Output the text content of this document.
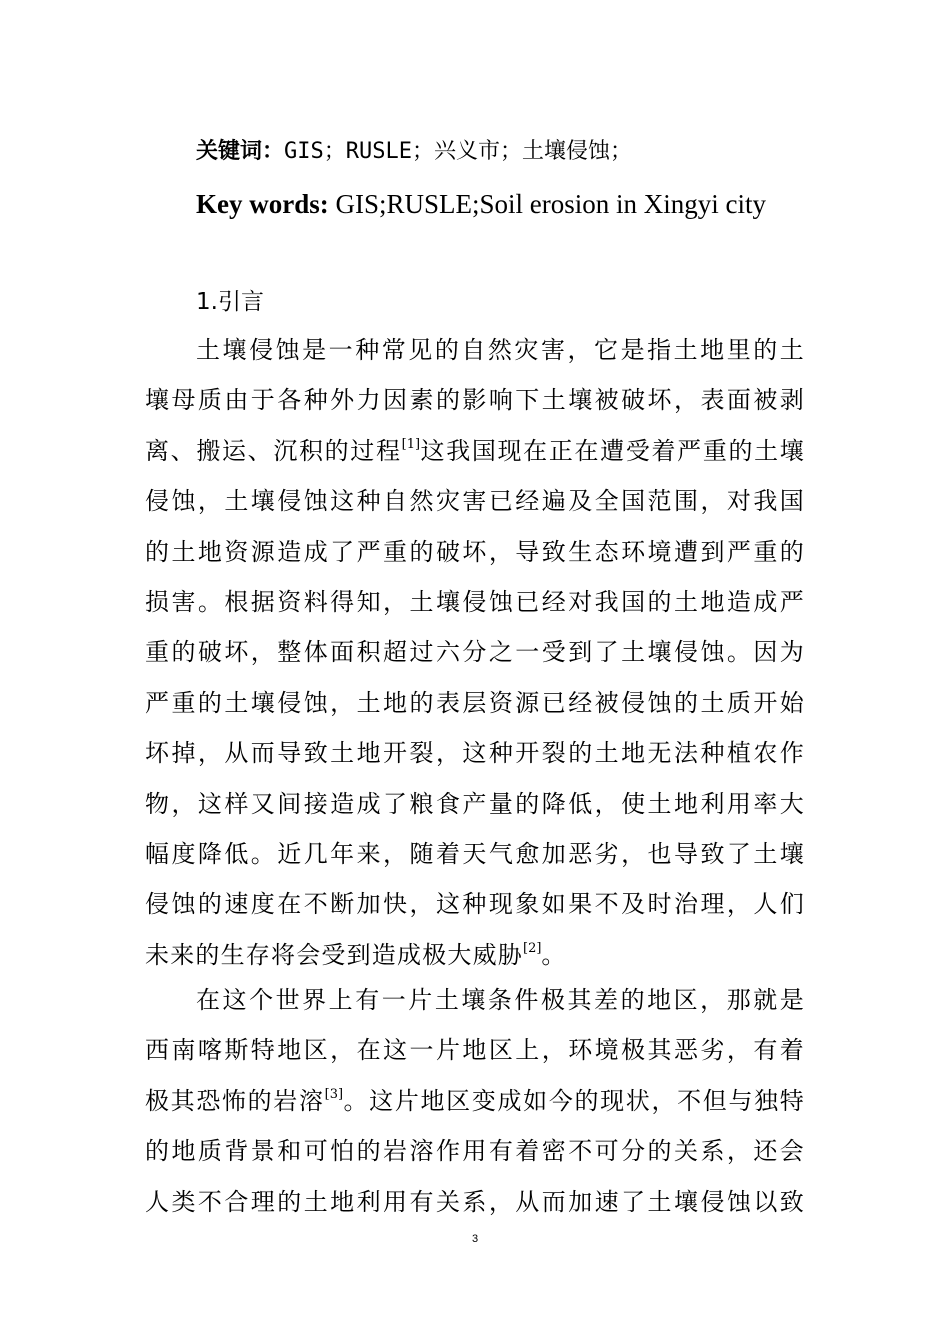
关键词：GIS；RUSLE；兴义市；土壤侵蚀；
Key words: GIS;RUSLE;Soil erosion in Xingyi city
1.引言
土壤侵蚀是一种常见的自然灾害，它是指土地里的土
壤母质由于各种外力因素的影响下土壤被破坏，表面被剥
离、搬运、沉积的过程[1]这我国现在正在遭受着严重的土壤
侵蚀，土壤侵蚀这种自然灾害已经遍及全国范围，对我国
的土地资源造成了严重的破坏，导致生态环境遭到严重的
损害。根据资料得知，土壤侵蚀已经对我国的土地造成严
重的破坏，整体面积超过六分之一受到了土壤侵蚀。因为
严重的土壤侵蚀，土地的表层资源已经被侵蚀的土质开始
坏掉，从而导致土地开裂，这种开裂的土地无法种植农作
物，这样又间接造成了粮食产量的降低，使土地利用率大
幅度降低。近几年来，随着天气愈加恶劣，也导致了土壤
侵蚀的速度在不断加快，这种现象如果不及时治理，人们
未来的生存将会受到造成极大威胁[2]。
在这个世界上有一片土壤条件极其差的地区，那就是
西南喀斯特地区，在这一片地区上，环境极其恶劣，有着
极其恐怖的岩溶[3]。这片地区变成如今的现状，不但与独特
的地质背景和可怕的岩溶作用有着密不可分的关系，还会
人类不合理的土地利用有关系，从而加速了土壤侵蚀以致
3
